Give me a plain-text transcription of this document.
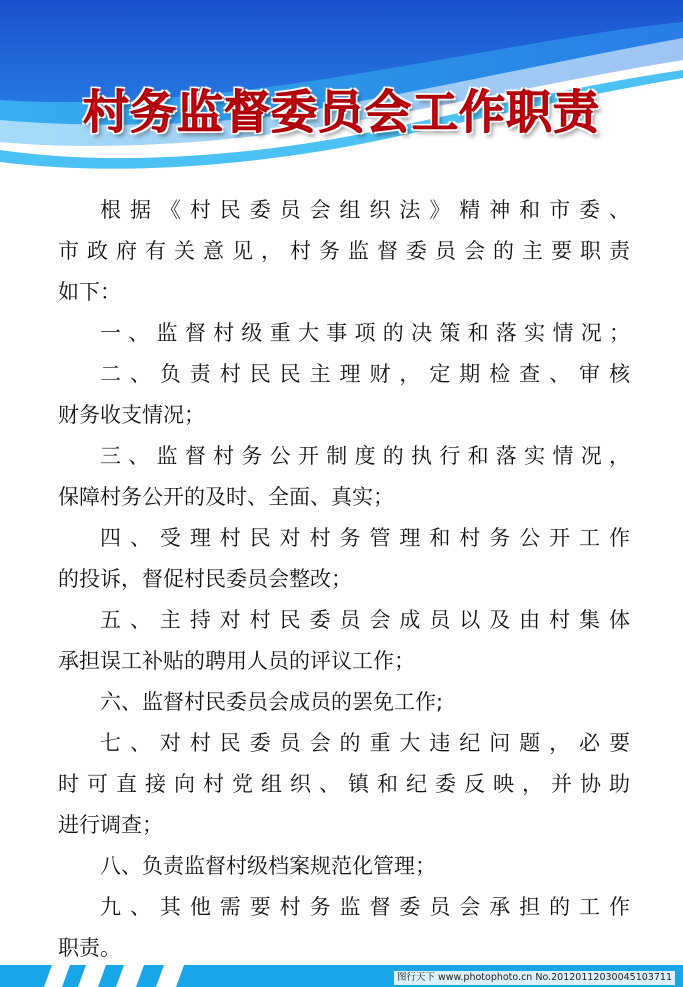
村务监督委员会工作职责
根据《村民委员会组织法》精神和市委、
市政府有关意见，村务监督委员会的主要职责
如下：
一、监督村级重大事项的决策和落实情况；
二、负责村民民主理财，定期检查、审核
财务收支情况；
三、监督村务公开制度的执行和落实情况，
保障村务公开的及时、全面、真实；
四、受理村民对村务管理和村务公开工作
的投诉，督促村民委员会整改；
五、主持对村民委员会成员以及由村集体
承担误工补贴的聘用人员的评议工作；
六、监督村民委员会成员的罢免工作;
七、对村民委员会的重大违纪问题，必要
时可直接向村党组织、镇和纪委反映，并协助
进行调查；
八、负责监督村级档案规范化管理；
九、其他需要村务监督委员会承担的工作
职责。
图行天下 www.photophoto.cn No.20120112030045103711
